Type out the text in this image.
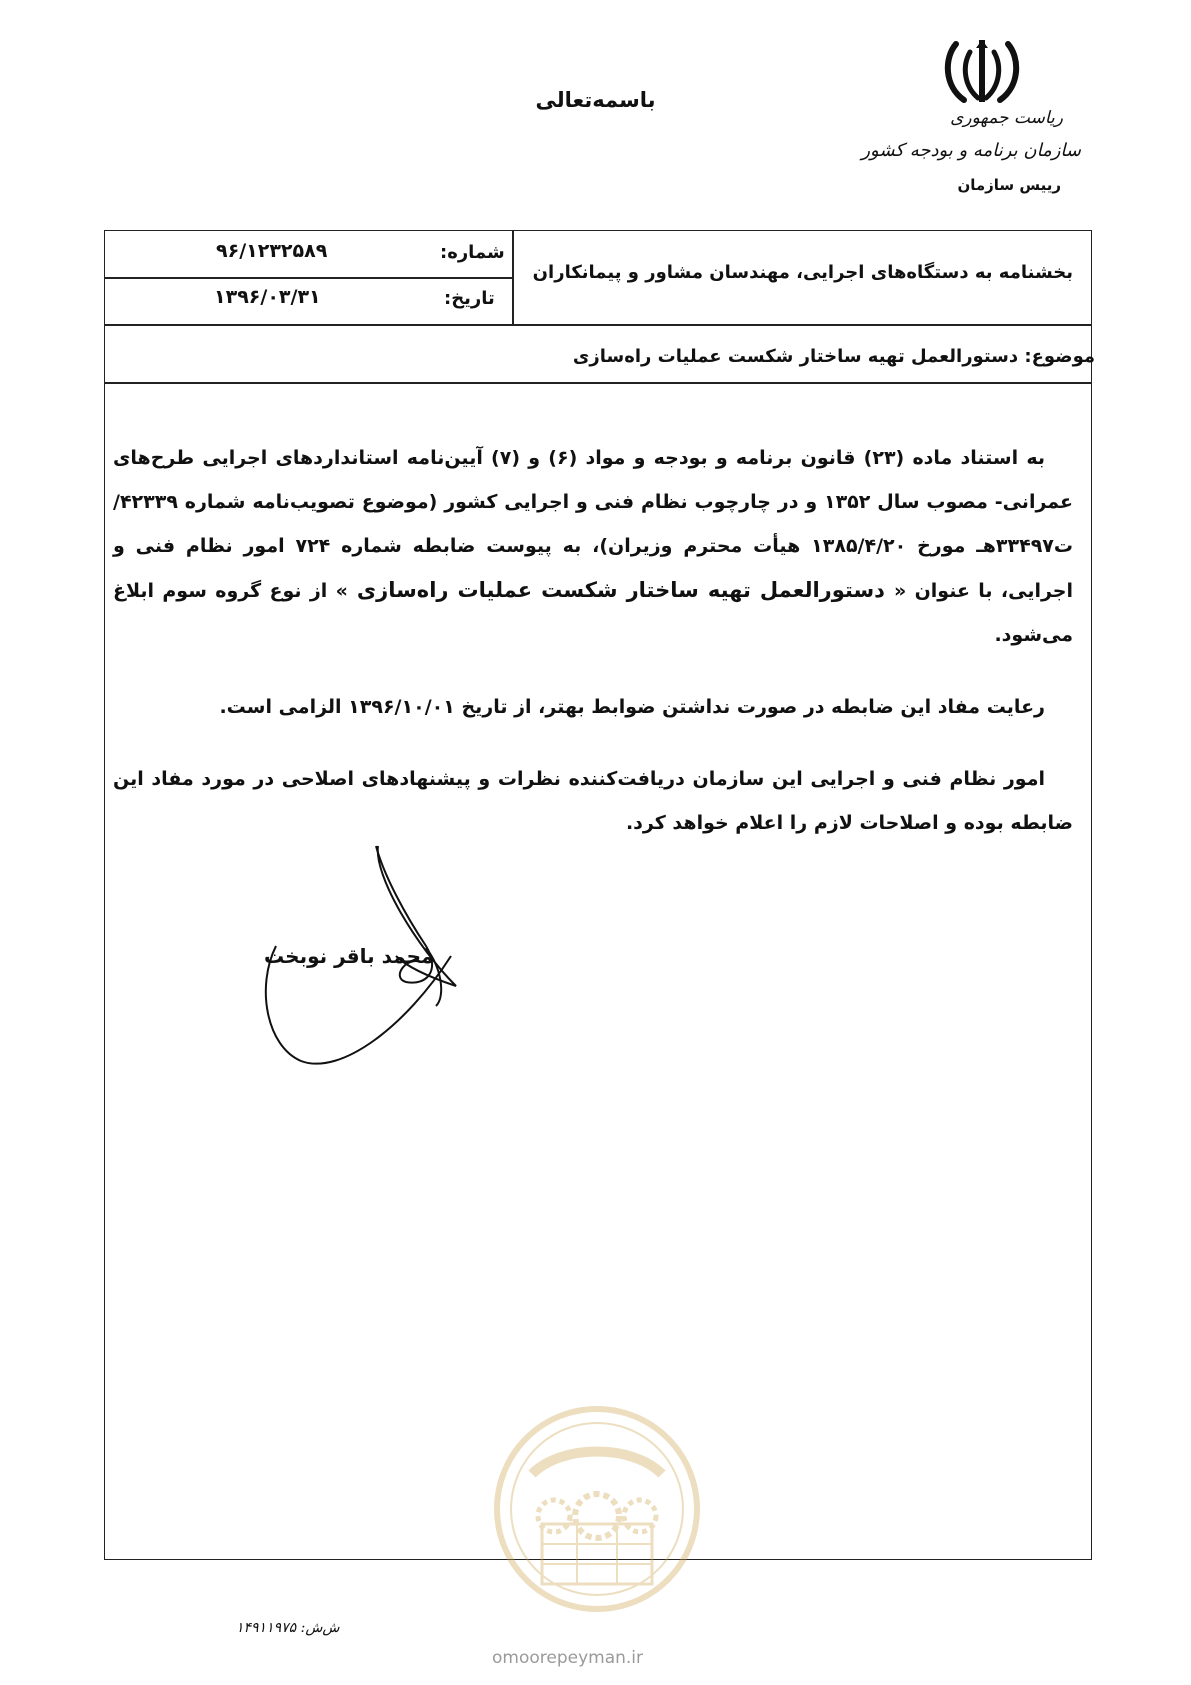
باسمه‌تعالی
ریاست جمهوری
سازمان برنامه و بودجه کشور
رییس سازمان
شماره:
۹۶/۱۲۳۲۵۸۹
تاریخ:
۱۳۹۶/۰۳/۳۱
بخشنامه به دستگاه‌های اجرایی، مهندسان مشاور و پیمانکاران
موضوع: دستورالعمل تهیه ساختار شکست عملیات راه‌سازی

به استناد ماده (۲۳) قانون برنامه و بودجه و مواد (۶) و (۷) آیین‌نامه استانداردهای اجرایی طرح‌های عمرانی- مصوب سال ۱۳۵۲ و در چارچوب نظام فنی و اجرایی کشور (موضوع تصویب‌نامه شماره ۴۲۳۳۹/ت۳۳۴۹۷هـ مورخ ۱۳۸۵/۴/۲۰ هیأت محترم وزیران)، به پیوست ضابطه شماره ۷۲۴ امور نظام فنی و اجرایی، با عنوان « دستورالعمل تهیه ساختار شکست عملیات راه‌سازی » از نوع گروه سوم ابلاغ می‌شود.

رعایت مفاد این ضابطه در صورت نداشتن ضوابط بهتر، از تاریخ ۱۳۹۶/۱۰/۰۱ الزامی است.

امور نظام فنی و اجرایی این سازمان دریافت‌کننده نظرات و پیشنهادهای اصلاحی در مورد مفاد این ضابطه بوده و اصلاحات لازم را اعلام خواهد کرد.

محمد باقر نوبخت
omoorepeyman.ir
ش‌ش: ۱۴۹۱۱۹۷۵
